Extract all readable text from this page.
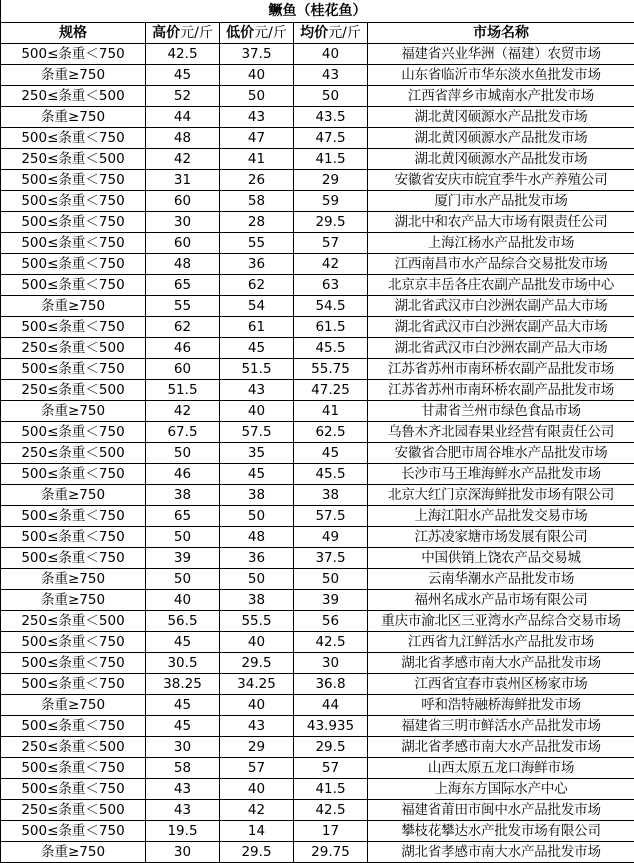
鳜鱼（桂花鱼）				
规格	高价元/斤	低价元/斤	均价元/斤	市场名称
500≤条重＜750	42.5	37.5	40	福建省兴业华洲（福建）农贸市场
条重≥750	45	40	43	山东省临沂市华东淡水鱼批发市场
250≤条重＜500	52	50	50	江西省萍乡市城南水产批发市场
条重≥750	44	43	43.5	湖北黄冈硕源水产品批发市场
500≤条重＜750	48	47	47.5	湖北黄冈硕源水产品批发市场
250≤条重＜500	42	41	41.5	湖北黄冈硕源水产品批发市场
500≤条重＜750	31	26	29	安徽省安庆市皖宜季牛水产养殖公司
500≤条重＜750	60	58	59	厦门市水产品批发市场
500≤条重＜750	30	28	29.5	湖北中和农产品大市场有限责任公司
500≤条重＜750	60	55	57	上海江杨水产品批发市场
500≤条重＜750	48	36	42	江西南昌市水产品综合交易批发市场
500≤条重＜750	65	62	63	北京京丰岳各庄农副产品批发市场中心
条重≥750	55	54	54.5	湖北省武汉市白沙洲农副产品大市场
500≤条重＜750	62	61	61.5	湖北省武汉市白沙洲农副产品大市场
250≤条重＜500	46	45	45.5	湖北省武汉市白沙洲农副产品大市场
500≤条重＜750	60	51.5	55.75	江苏省苏州市南环桥农副产品批发市场
250≤条重＜500	51.5	43	47.25	江苏省苏州市南环桥农副产品批发市场
条重≥750	42	40	41	甘肃省兰州市绿色食品市场
500≤条重＜750	67.5	57.5	62.5	乌鲁木齐北园春果业经营有限责任公司
250≤条重＜500	50	35	45	安徽省合肥市周谷堆水产品批发市场
500≤条重＜750	46	45	45.5	长沙市马王堆海鲜水产品批发市场
条重≥750	38	38	38	北京大红门京深海鲜批发市场有限公司
500≤条重＜750	65	50	57.5	上海江阳水产品批发交易市场
500≤条重＜750	50	48	49	江苏凌家塘市场发展有限公司
500≤条重＜750	39	36	37.5	中国供销上饶农产品交易城
条重≥750	50	50	50	云南华潮水产品批发市场
条重≥750	40	38	39	福州名成水产品市场有限公司
250≤条重＜500	56.5	55.5	56	重庆市渝北区三亚湾水产品综合交易市场
500≤条重＜750	45	40	42.5	江西省九江鲜活水产品批发市场
500≤条重＜750	30.5	29.5	30	湖北省孝感市南大水产品批发市场
500≤条重＜750	38.25	34.25	36.8	江西省宜春市袁州区杨家市场
条重≥750	45	40	44	呼和浩特融桥海鲜批发市场
500≤条重＜750	45	43	43.935	福建省三明市鲜活水产品批发市场
250≤条重＜500	30	29	29.5	湖北省孝感市南大水产品批发市场
500≤条重＜750	58	57	57	山西太原五龙口海鲜市场
500≤条重＜750	43	40	41.5	上海东方国际水产中心
250≤条重＜500	43	42	42.5	福建省莆田市闽中水产品批发市场
500≤条重＜750	19.5	14	17	攀枝花攀达水产批发市场有限公司
条重≥750	30	29.5	29.75	湖北省孝感市南大水产品批发市场
